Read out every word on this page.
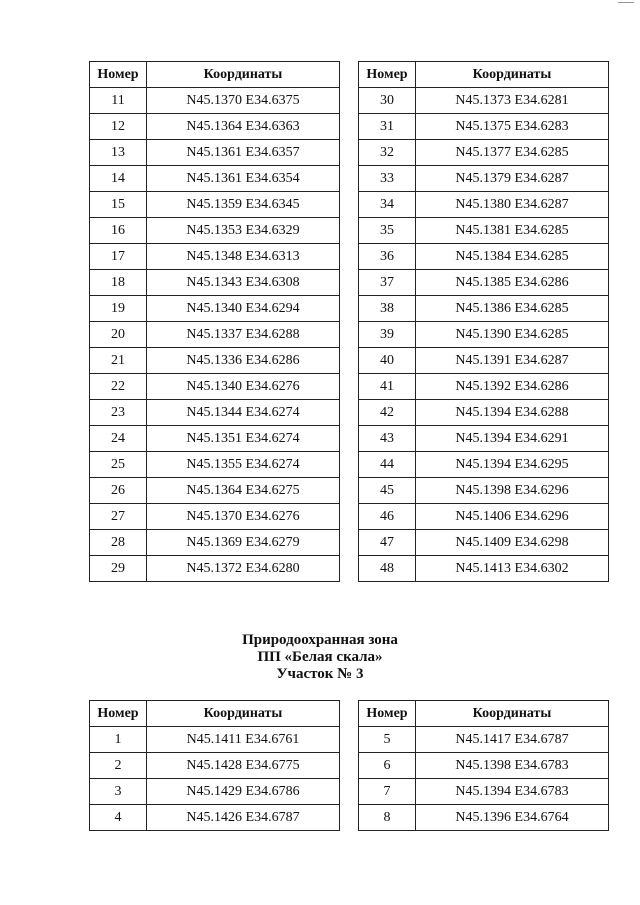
Номер	Координаты
11	N45.1370 E34.6375
12	N45.1364 E34.6363
13	N45.1361 E34.6357
14	N45.1361 E34.6354
15	N45.1359 E34.6345
16	N45.1353 E34.6329
17	N45.1348 E34.6313
18	N45.1343 E34.6308
19	N45.1340 E34.6294
20	N45.1337 E34.6288
21	N45.1336 E34.6286
22	N45.1340 E34.6276
23	N45.1344 E34.6274
24	N45.1351 E34.6274
25	N45.1355 E34.6274
26	N45.1364 E34.6275
27	N45.1370 E34.6276
28	N45.1369 E34.6279
29	N45.1372 E34.6280
Номер	Координаты
30	N45.1373 E34.6281
31	N45.1375 E34.6283
32	N45.1377 E34.6285
33	N45.1379 E34.6287
34	N45.1380 E34.6287
35	N45.1381 E34.6285
36	N45.1384 E34.6285
37	N45.1385 E34.6286
38	N45.1386 E34.6285
39	N45.1390 E34.6285
40	N45.1391 E34.6287
41	N45.1392 E34.6286
42	N45.1394 E34.6288
43	N45.1394 E34.6291
44	N45.1394 E34.6295
45	N45.1398 E34.6296
46	N45.1406 E34.6296
47	N45.1409 E34.6298
48	N45.1413 E34.6302
Природоохранная зона
ПП «Белая скала»
Участок № 3
Номер	Координаты
1	N45.1411 E34.6761
2	N45.1428 E34.6775
3	N45.1429 E34.6786
4	N45.1426 E34.6787
Номер	Координаты
5	N45.1417 E34.6787
6	N45.1398 E34.6783
7	N45.1394 E34.6783
8	N45.1396 E34.6764
